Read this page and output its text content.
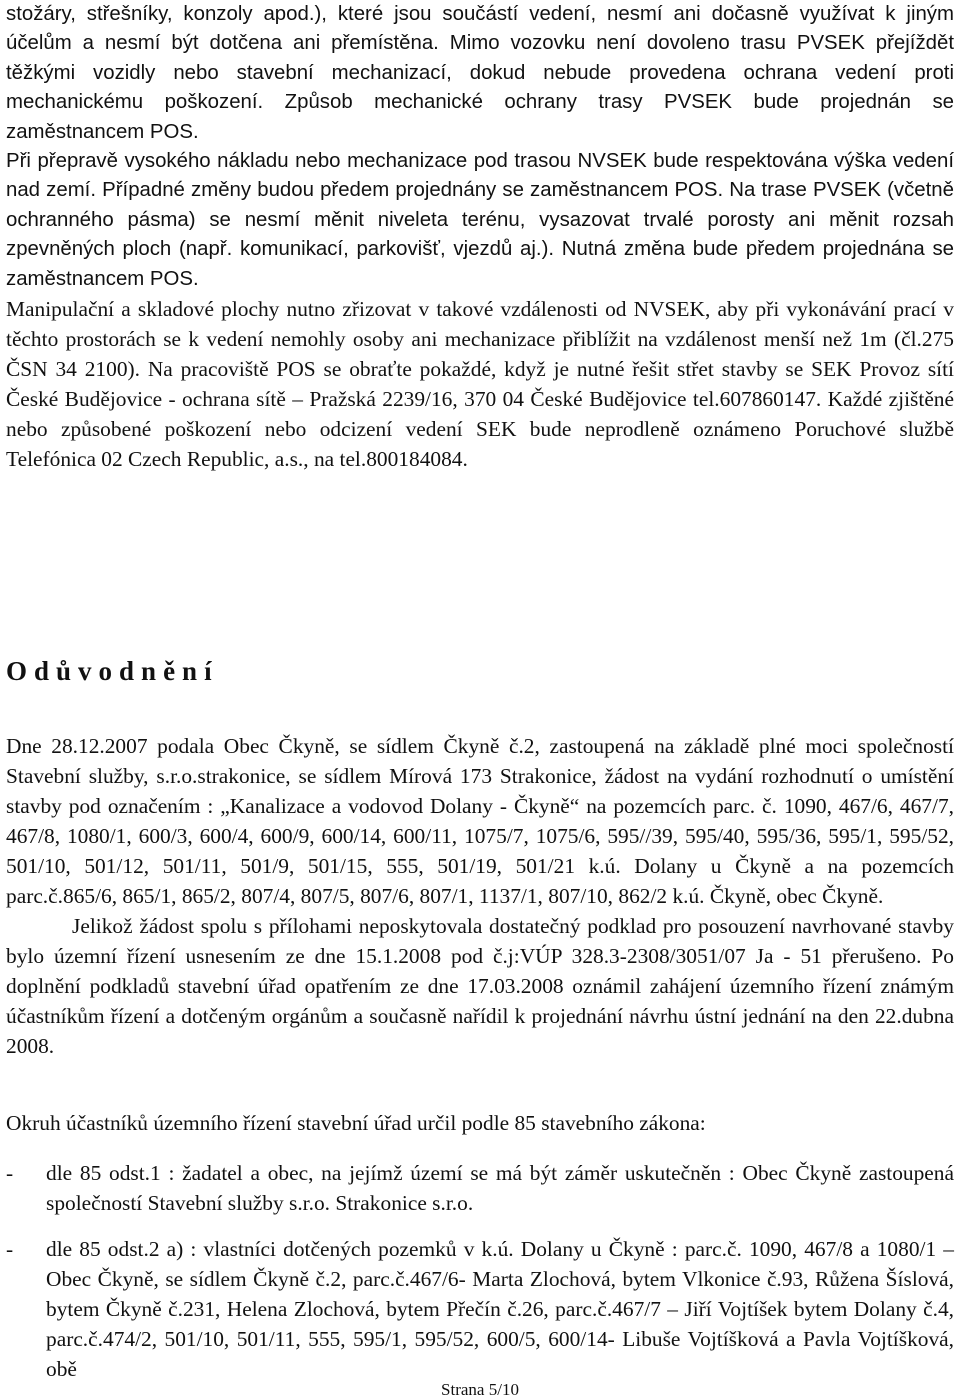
stožáry, střešníky, konzoly apod.), které jsou součástí vedení, nesmí ani dočasně využívat k jiným účelům a nesmí být dotčena ani přemístěna. Mimo vozovku není dovoleno trasu PVSEK přejíždět těžkými vozidly nebo stavební mechanizací, dokud nebude provedena ochrana vedení proti mechanickému poškození. Způsob mechanické ochrany trasy PVSEK bude projednán se zaměstnancem POS.

Při přepravě vysokého nákladu nebo mechanizace pod trasou NVSEK bude respektována výška vedení nad zemí. Případné změny budou předem projednány se zaměstnancem POS. Na trase PVSEK (včetně ochranného pásma) se nesmí měnit niveleta terénu, vysazovat trvalé porosty ani měnit rozsah zpevněných ploch (např. komunikací, parkovišť, vjezdů aj.). Nutná změna bude předem projednána se zaměstnancem POS.

Manipulační a skladové plochy nutno zřizovat v takové vzdálenosti od NVSEK, aby při vykonávání prací v těchto prostorách se k vedení nemohly osoby ani mechanizace přiblížit na vzdálenost menší než 1m (čl.275 ČSN 34 2100). Na pracoviště POS se obraťte pokaždé, když je nutné řešit střet stavby se SEK Provoz sítí České Budějovice - ochrana sítě – Pražská 2239/16, 370 04 České Budějovice tel.607860147. Každé zjištěné nebo způsobené poškození nebo odcizení vedení SEK bude neprodleně oznámeno Poruchové službě Telefónica 02 Czech Republic, a.s., na tel.800184084.

Odůvodnění

Dne 28.12.2007 podala Obec Čkyně, se sídlem Čkyně č.2, zastoupená na základě plné moci společností Stavební služby, s.r.o.strakonice, se sídlem Mírová 173 Strakonice, žádost na vydání rozhodnutí o umístění stavby pod označením : „Kanalizace a vodovod Dolany - Čkyně“ na pozemcích parc. č. 1090, 467/6, 467/7, 467/8, 1080/1, 600/3, 600/4, 600/9, 600/14, 600/11, 1075/7, 1075/6, 595//39, 595/40, 595/36, 595/1, 595/52, 501/10, 501/12, 501/11, 501/9, 501/15, 555, 501/19, 501/21 k.ú. Dolany u Čkyně a na pozemcích parc.č.865/6, 865/1, 865/2, 807/4, 807/5, 807/6, 807/1, 1137/1, 807/10, 862/2 k.ú. Čkyně, obec Čkyně.

Jelikož žádost spolu s přílohami neposkytovala dostatečný podklad pro posouzení navrhované stavby bylo územní řízení usnesením ze dne 15.1.2008 pod č.j:VÚP 328.3-2308/3051/07 Ja - 51 přerušeno. Po doplnění podkladů stavební úřad opatřením ze dne 17.03.2008 oznámil zahájení územního řízení známým účastníkům řízení a dotčeným orgánům a současně nařídil k projednání návrhu ústní jednání na den 22.dubna 2008.

Okruh účastníků územního řízení stavební úřad určil podle 85 stavebního zákona:

-	dle 85 odst.1 : žadatel a obec, na jejímž území se má být záměr uskutečněn : Obec Čkyně zastoupená společností Stavební služby s.r.o. Strakonice s.r.o.
-	dle 85 odst.2 a) : vlastníci dotčených pozemků v k.ú. Dolany u Čkyně : parc.č. 1090, 467/8 a 1080/1 – Obec Čkyně, se sídlem Čkyně č.2, parc.č.467/6- Marta Zlochová, bytem Vlkonice č.93, Růžena Šíslová, bytem Čkyně č.231, Helena Zlochová, bytem Přečín č.26, parc.č.467/7 – Jiří Vojtíšek bytem Dolany č.4, parc.č.474/2, 501/10, 501/11, 555, 595/1, 595/52, 600/5, 600/14- Libuše Vojtíšková a Pavla Vojtíšková, obě
Strana 5/10
